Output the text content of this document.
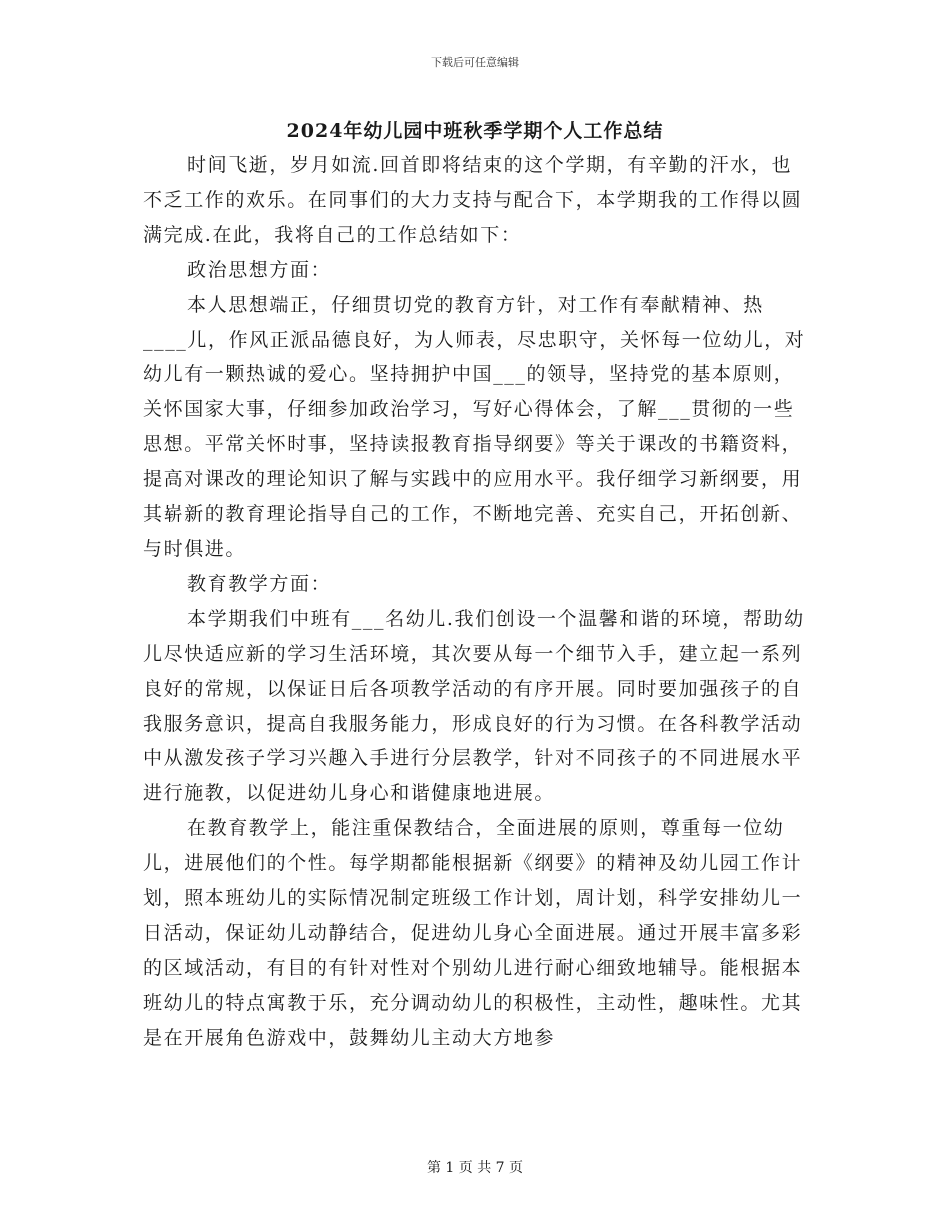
下载后可任意编辑
2024年幼儿园中班秋季学期个人工作总结

时间飞逝，岁月如流.回首即将结束的这个学期，有辛勤的汗水，也不乏工作的欢乐。在同事们的大力支持与配合下，本学期我的工作得以圆满完成.在此，我将自己的工作总结如下：

政治思想方面：

本人思想端正，仔细贯切党的教育方针，对工作有奉献精神、热____儿，作风正派品德良好，为人师表，尽忠职守，关怀每一位幼儿，对幼儿有一颗热诚的爱心。坚持拥护中国___的领导，坚持党的基本原则，关怀国家大事，仔细参加政治学习，写好心得体会，了解___贯彻的一些思想。平常关怀时事，坚持读报教育指导纲要》等关于课改的书籍资料，提高对课改的理论知识了解与实践中的应用水平。我仔细学习新纲要，用其崭新的教育理论指导自己的工作，不断地完善、充实自己，开拓创新、与时俱进。

教育教学方面：

本学期我们中班有___名幼儿.我们创设一个温馨和谐的环境，帮助幼儿尽快适应新的学习生活环境，其次要从每一个细节入手，建立起一系列良好的常规，以保证日后各项教学活动的有序开展。同时要加强孩子的自我服务意识，提高自我服务能力，形成良好的行为习惯。在各科教学活动中从激发孩子学习兴趣入手进行分层教学，针对不同孩子的不同进展水平进行施教，以促进幼儿身心和谐健康地进展。

在教育教学上，能注重保教结合，全面进展的原则，尊重每一位幼儿，进展他们的个性。每学期都能根据新《纲要》的精神及幼儿园工作计划，照本班幼儿的实际情况制定班级工作计划，周计划，科学安排幼儿一日活动，保证幼儿动静结合，促进幼儿身心全面进展。通过开展丰富多彩的区域活动，有目的有针对性对个别幼儿进行耐心细致地辅导。能根据本班幼儿的特点寓教于乐，充分调动幼儿的积极性，主动性，趣味性。尤其是在开展角色游戏中，鼓舞幼儿主动大方地参

第 1 页 共 7 页
